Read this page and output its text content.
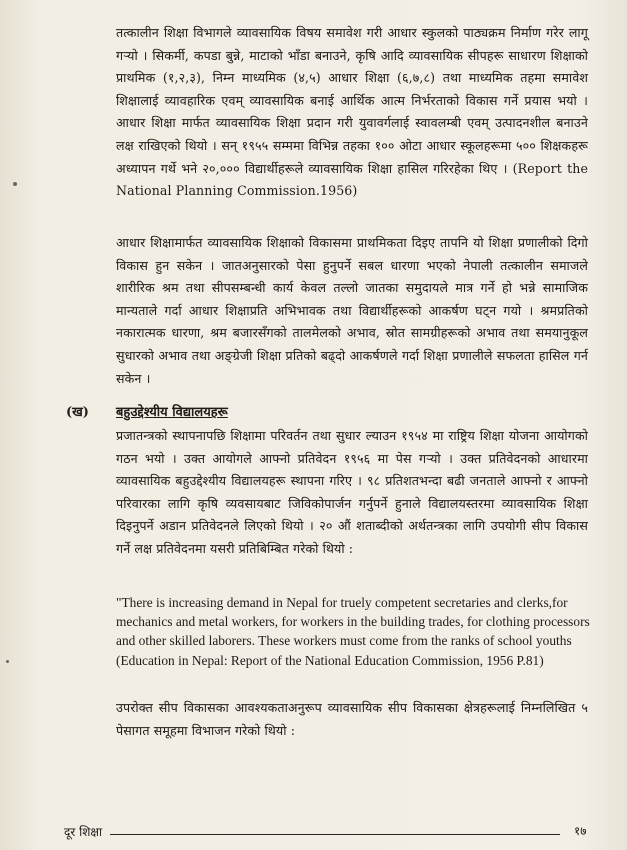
तत्कालीन शिक्षा विभागले व्यावसायिक विषय समावेश गरी आधार स्कुलको पाठ्यक्रम निर्माण गरेर लागू गऱ्यो । सिकर्मी, कपडा बुन्ने, माटाको भाँडा बनाउने, कृषि आदि व्यावसायिक सीपहरू साधारण शिक्षाको प्राथमिक (१,२,३), निम्न माध्यमिक (४,५) आधार शिक्षा (६,७,८) तथा माध्यमिक तहमा समावेश शिक्षालाई व्यावहारिक एवम् व्यावसायिक बनाई आर्थिक आत्म निर्भरताको विकास गर्ने प्रयास भयो । आधार शिक्षा मार्फत व्यावसायिक शिक्षा प्रदान गरी युवावर्गलाई स्वावलम्बी एवम् उत्पादनशील बनाउने लक्ष राखिएको थियो । सन् १९५५ सम्ममा विभिन्न तहका १०० ओटा आधार स्कूलहरूमा ५०० शिक्षकहरू अध्यापन गर्थे भने २०,००० विद्यार्थीहरूले व्यावसायिक शिक्षा हासिल गरिरहेका थिए । (Report the National Planning Commission.1956)
आधार शिक्षामार्फत व्यावसायिक शिक्षाको विकासमा प्राथमिकता दिइए तापनि यो शिक्षा प्रणालीको दिगो विकास हुन सकेन । जातअनुसारको पेसा हुनुपर्ने सबल धारणा भएको नेपाली तत्कालीन समाजले शारीरिक श्रम तथा सीपसम्बन्धी कार्य केवल तल्लो जातका समुदायले मात्र गर्ने हो भन्ने सामाजिक मान्यताले गर्दा आधार शिक्षाप्रति अभिभावक तथा विद्यार्थीहरूको आकर्षण घट्न गयो । श्रमप्रतिको नकारात्मक धारणा, श्रम बजारसँगको तालमेलको अभाव, स्रोत सामग्रीहरूको अभाव तथा समयानुकूल सुधारको अभाव तथा अङ्ग्रेजी शिक्षा प्रतिको बढ्दो आकर्षणले गर्दा शिक्षा प्रणालीले सफलता हासिल गर्न सकेन ।
(ख) बहुउद्देश्यीय विद्यालयहरू
प्रजातन्त्रको स्थापनापछि शिक्षामा परिवर्तन तथा सुधार ल्याउन १९५४ मा राष्ट्रिय शिक्षा योजना आयोगको गठन भयो । उक्त आयोगले आफ्नो प्रतिवेदन १९५६ मा पेस गऱ्यो । उक्त प्रतिवेदनको आधारमा व्यावसायिक बहुउद्देश्यीय विद्यालयहरू स्थापना गरिए । ९८ प्रतिशतभन्दा बढी जनताले आफ्नो र आफ्नो परिवारका लागि कृषि व्यवसायबाट जिविकोपार्जन गर्नुपर्ने हुनाले विद्यालयस्तरमा व्यावसायिक शिक्षा दिइनुपर्ने अडान प्रतिवेदनले लिएको थियो । २० औं शताब्दीको अर्थतन्त्रका लागि उपयोगी सीप विकास गर्ने लक्ष प्रतिवेदनमा यसरी प्रतिबिम्बित गरेको थियो :
"There is increasing demand in Nepal for truely competent secretaries and clerks,for mechanics and metal workers, for workers in the building trades, for clothing processors and other skilled laborers. These workers must come from the ranks of school youths (Education in Nepal: Report of the National Education Commission, 1956 P.81)
उपरोक्त सीप विकासका आवश्यकताअनुरूप व्यावसायिक सीप विकासका क्षेत्रहरूलाई निम्नलिखित ५ पेसागत समूहमा विभाजन गरेको थियो :
दूर शिक्षा	१७
